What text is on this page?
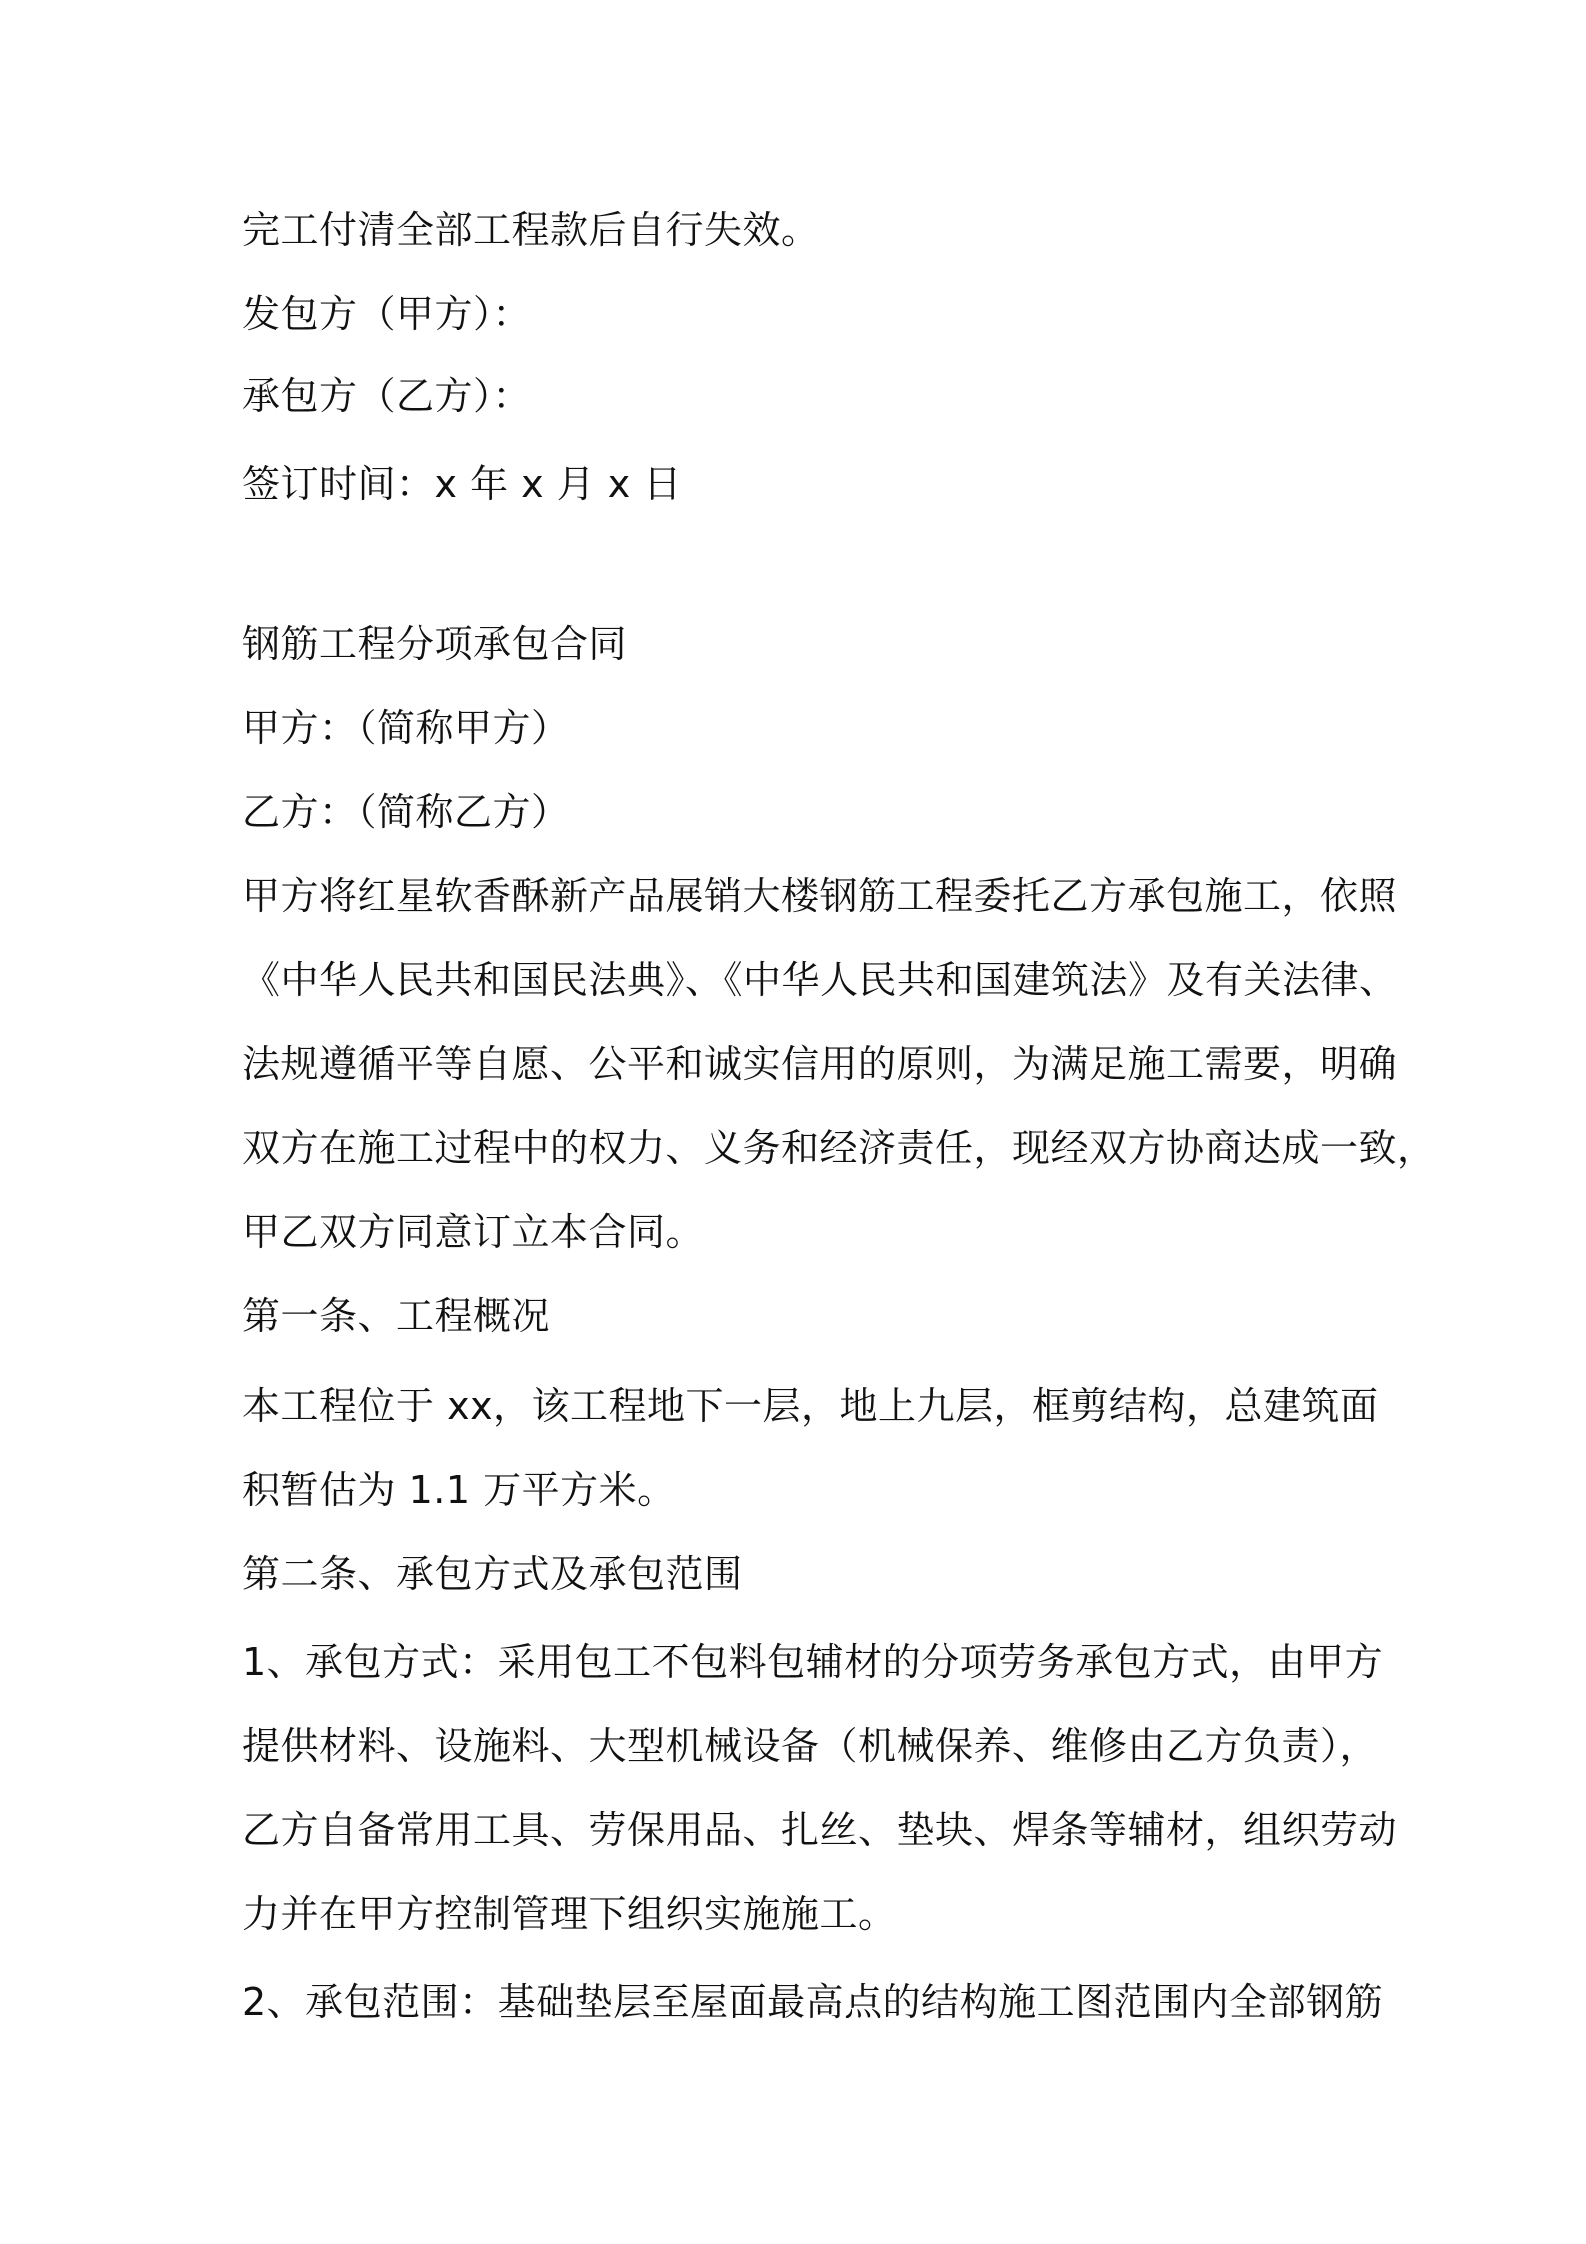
完工付清全部工程款后自行失效。
发包方（甲方）：
承包方（乙方）：
签订时间：x 年 x 月 x 日
钢筋工程分项承包合同
甲方：（简称甲方）
乙方：（简称乙方）
甲方将红星软香酥新产品展销大楼钢筋工程委托乙方承包施工，依照
《中华人民共和国民法典》、《中华人民共和国建筑法》及有关法律、
法规遵循平等自愿、公平和诚实信用的原则，为满足施工需要，明确
双方在施工过程中的权力、义务和经济责任，现经双方协商达成一致，
甲乙双方同意订立本合同。
第一条、工程概况
本工程位于 xx，该工程地下一层，地上九层，框剪结构，总建筑面
积暂估为 1.1 万平方米。
第二条、承包方式及承包范围
1、承包方式：采用包工不包料包辅材的分项劳务承包方式，由甲方
提供材料、设施料、大型机械设备（机械保养、维修由乙方负责），
乙方自备常用工具、劳保用品、扎丝、垫块、焊条等辅材，组织劳动
力并在甲方控制管理下组织实施施工。
2、承包范围：基础垫层至屋面最高点的结构施工图范围内全部钢筋
